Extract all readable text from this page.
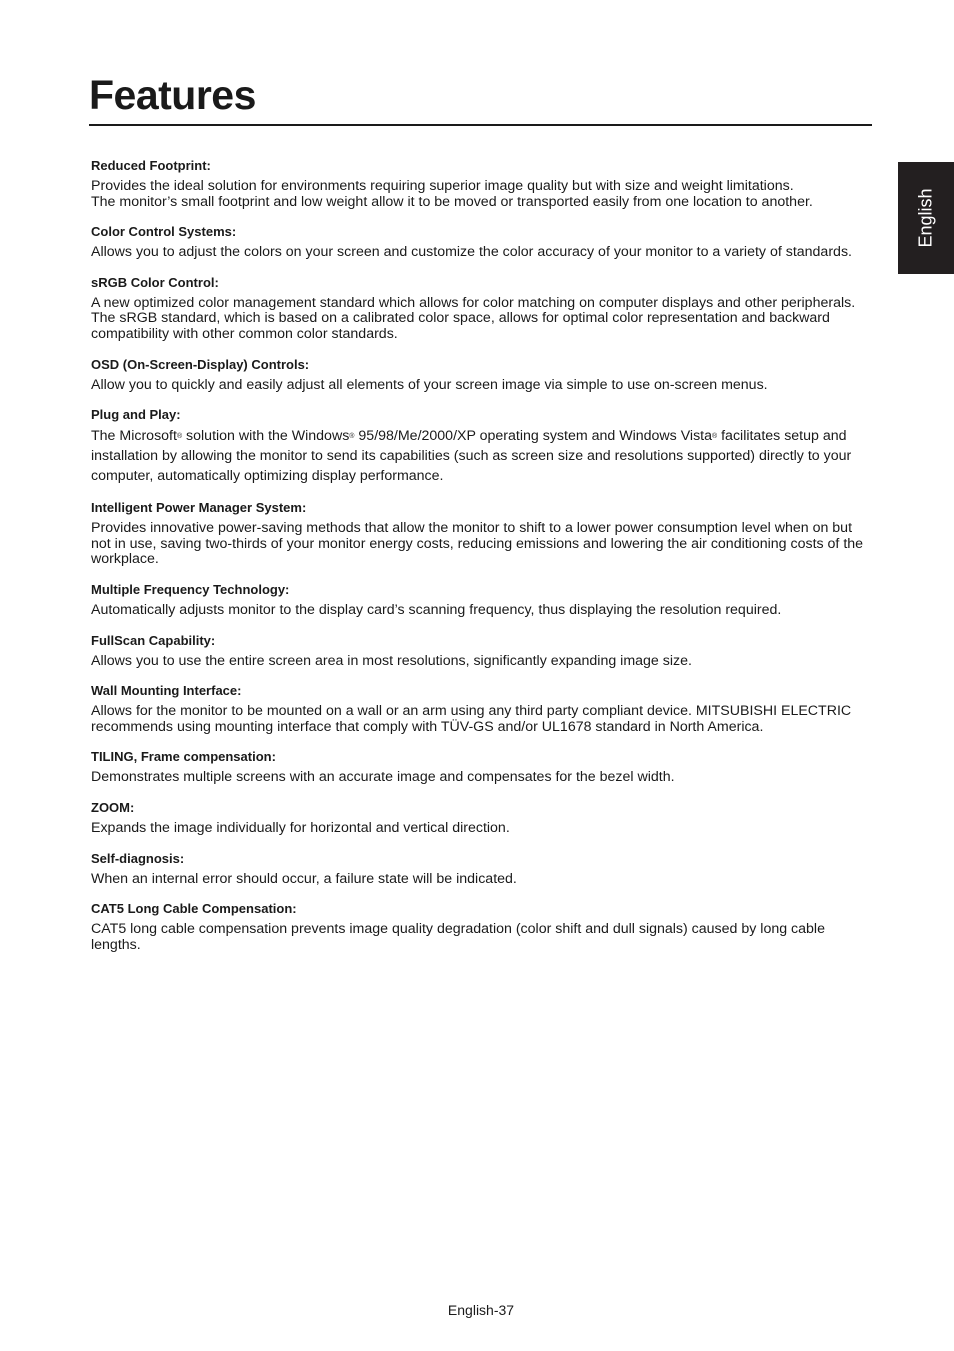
Features
English

Reduced Footprint:

Provides the ideal solution for environments requiring superior image quality but with size and weight limitations.
The monitor’s small footprint and low weight allow it to be moved or transported easily from one location to another.

Color Control Systems:

Allows you to adjust the colors on your screen and customize the color accuracy of your monitor to a variety of standards.

sRGB Color Control:

A new optimized color management standard which allows for color matching on computer displays and other peripherals. The sRGB standard, which is based on a calibrated color space, allows for optimal color representation and backward compatibility with other common color standards.

OSD (On-Screen-Display) Controls:

Allow you to quickly and easily adjust all elements of your screen image via simple to use on-screen menus.

Plug and Play:

The Microsoft® solution with the Windows® 95/98/Me/2000/XP operating system and Windows Vista® facilitates setup and installation by allowing the monitor to send its capabilities (such as screen size and resolutions supported) directly to your computer, automatically optimizing display performance.

Intelligent Power Manager System:

Provides innovative power-saving methods that allow the monitor to shift to a lower power consumption level when on but not in use, saving two-thirds of your monitor energy costs, reducing emissions and lowering the air conditioning costs of the workplace.

Multiple Frequency Technology:

Automatically adjusts monitor to the display card’s scanning frequency, thus displaying the resolution required.

FullScan Capability:

Allows you to use the entire screen area in most resolutions, significantly expanding image size.

Wall Mounting Interface:

Allows for the monitor to be mounted on a wall or an arm using any third party compliant device. MITSUBISHI ELECTRIC recommends using mounting interface that comply with TÜV-GS and/or UL1678 standard in North America.

TILING, Frame compensation:

Demonstrates multiple screens with an accurate image and compensates for the bezel width.

ZOOM:

Expands the image individually for horizontal and vertical direction.

Self-diagnosis:

When an internal error should occur, a failure state will be indicated.

CAT5 Long Cable Compensation:

CAT5 long cable compensation prevents image quality degradation (color shift and dull signals) caused by long cable lengths.

English-37
